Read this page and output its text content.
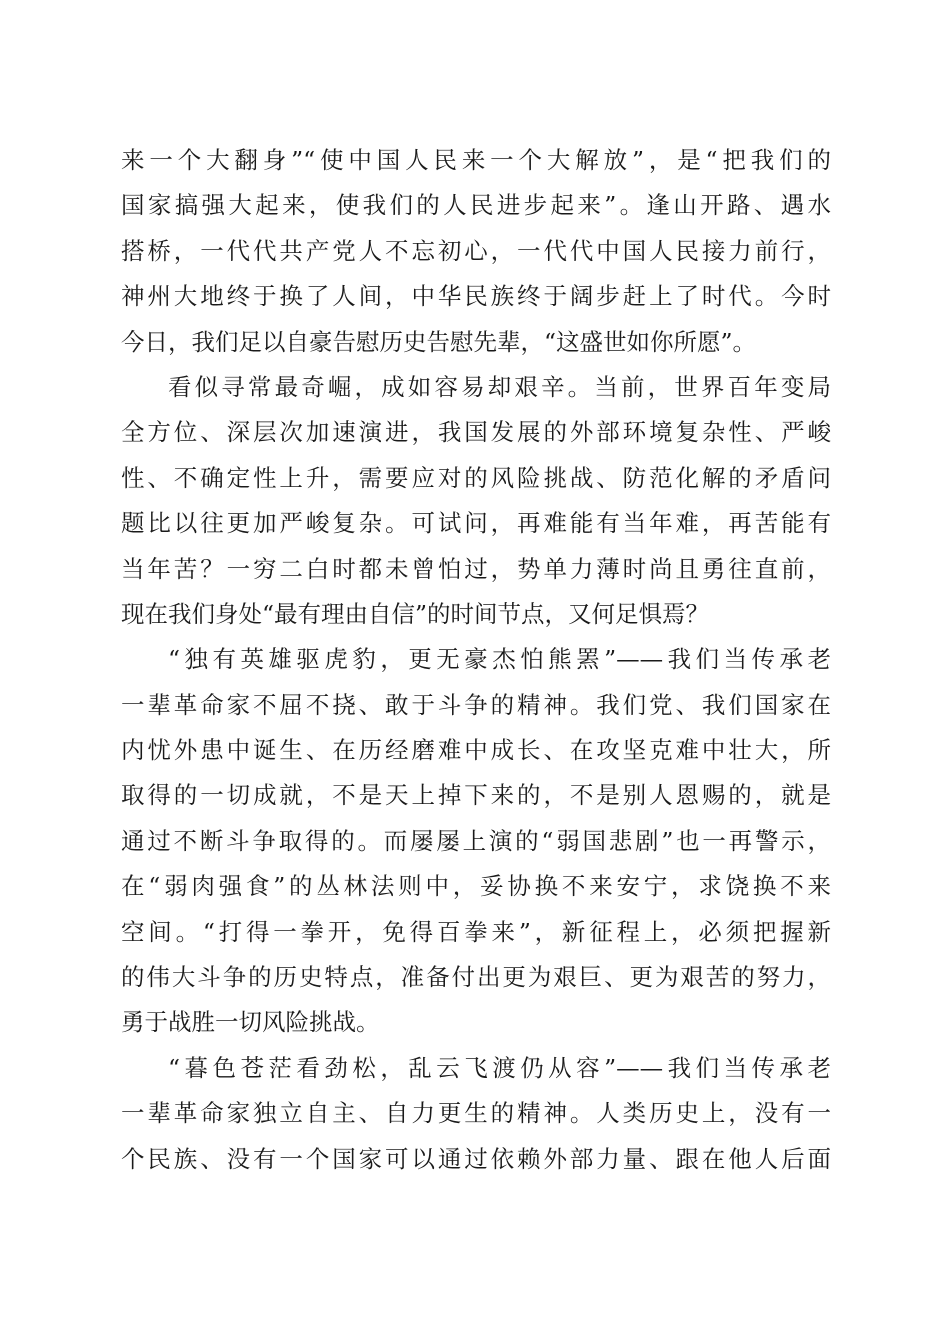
来一个大翻身”“使中国人民来一个大解放”，是“把我们的
国家搞强大起来，使我们的人民进步起来”。逢山开路、遇水
搭桥，一代代共产党人不忘初心，一代代中国人民接力前行，
神州大地终于换了人间，中华民族终于阔步赶上了时代。今时
今日，我们足以自豪告慰历史告慰先辈，“这盛世如你所愿”。
看似寻常最奇崛，成如容易却艰辛。当前，世界百年变局
全方位、深层次加速演进，我国发展的外部环境复杂性、严峻
性、不确定性上升，需要应对的风险挑战、防范化解的矛盾问
题比以往更加严峻复杂。可试问，再难能有当年难，再苦能有
当年苦？一穷二白时都未曾怕过，势单力薄时尚且勇往直前，
现在我们身处“最有理由自信”的时间节点，又何足惧焉？
“独有英雄驱虎豹，更无豪杰怕熊罴”——我们当传承老
一辈革命家不屈不挠、敢于斗争的精神。我们党、我们国家在
内忧外患中诞生、在历经磨难中成长、在攻坚克难中壮大，所
取得的一切成就，不是天上掉下来的，不是别人恩赐的，就是
通过不断斗争取得的。而屡屡上演的“弱国悲剧”也一再警示，
在“弱肉强食”的丛林法则中，妥协换不来安宁，求饶换不来
空间。“打得一拳开，免得百拳来”，新征程上，必须把握新
的伟大斗争的历史特点，准备付出更为艰巨、更为艰苦的努力，
勇于战胜一切风险挑战。
“暮色苍茫看劲松，乱云飞渡仍从容”——我们当传承老
一辈革命家独立自主、自力更生的精神。人类历史上，没有一
个民族、没有一个国家可以通过依赖外部力量、跟在他人后面
